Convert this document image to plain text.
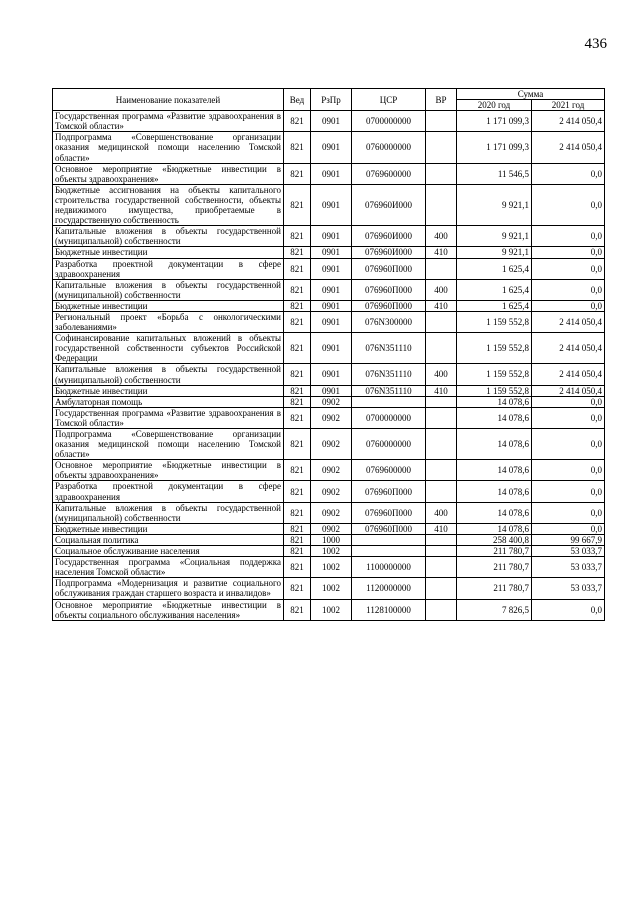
436
Наименование показателей	Вед	РзПр	ЦСР	ВР	Сумма	
					2020 год	2021 год
Государственная программа «Развитие здравоохранения в Томской области»	821	0901	0700000000		1 171 099,3	2 414 050,4
Подпрограмма «Совершенствование организации оказания медицинской помощи населению Томской области»	821	0901	0760000000		1 171 099,3	2 414 050,4
Основное мероприятие «Бюджетные инвестиции в объекты здравоохранения»	821	0901	0769600000		11 546,5	0,0
Бюджетные ассигнования на объекты капитального строительства государственной собственности, объекты недвижимого имущества, приобретаемые в государственную собственность	821	0901	076960И000		9 921,1	0,0
Капитальные вложения в объекты государственной (муниципальной) собственности	821	0901	076960И000	400	9 921,1	0,0
Бюджетные инвестиции	821	0901	076960И000	410	9 921,1	0,0
Разработка проектной документации в сфере здравоохранения	821	0901	076960П000		1 625,4	0,0
Капитальные вложения в объекты государственной (муниципальной) собственности	821	0901	076960П000	400	1 625,4	0,0
Бюджетные инвестиции	821	0901	076960П000	410	1 625,4	0,0
Региональный проект «Борьба с онкологическими заболеваниями»	821	0901	076N300000		1 159 552,8	2 414 050,4
Софинансирование капитальных вложений в объекты государственной собственности субъектов Российской Федерации	821	0901	076N351110		1 159 552,8	2 414 050,4
Капитальные вложения в объекты государственной (муниципальной) собственности	821	0901	076N351110	400	1 159 552,8	2 414 050,4
Бюджетные инвестиции	821	0901	076N351110	410	1 159 552,8	2 414 050,4
Амбулаторная помощь	821	0902			14 078,6	0,0
Государственная программа «Развитие здравоохранения в Томской области»	821	0902	0700000000		14 078,6	0,0
Подпрограмма «Совершенствование организации оказания медицинской помощи населению Томской области»	821	0902	0760000000		14 078,6	0,0
Основное мероприятие «Бюджетные инвестиции в объекты здравоохранения»	821	0902	0769600000		14 078,6	0,0
Разработка проектной документации в сфере здравоохранения	821	0902	076960П000		14 078,6	0,0
Капитальные вложения в объекты государственной (муниципальной) собственности	821	0902	076960П000	400	14 078,6	0,0
Бюджетные инвестиции	821	0902	076960П000	410	14 078,6	0,0
Социальная политика	821	1000			258 400,8	99 667,9
Социальное обслуживание населения	821	1002			211 780,7	53 033,7
Государственная программа «Социальная поддержка населения Томской области»	821	1002	1100000000		211 780,7	53 033,7
Подпрограмма «Модернизация и развитие социального обслуживания граждан старшего возраста и инвалидов»	821	1002	1120000000		211 780,7	53 033,7
Основное мероприятие «Бюджетные инвестиции в объекты социального обслуживания населения»	821	1002	1128100000		7 826,5	0,0
